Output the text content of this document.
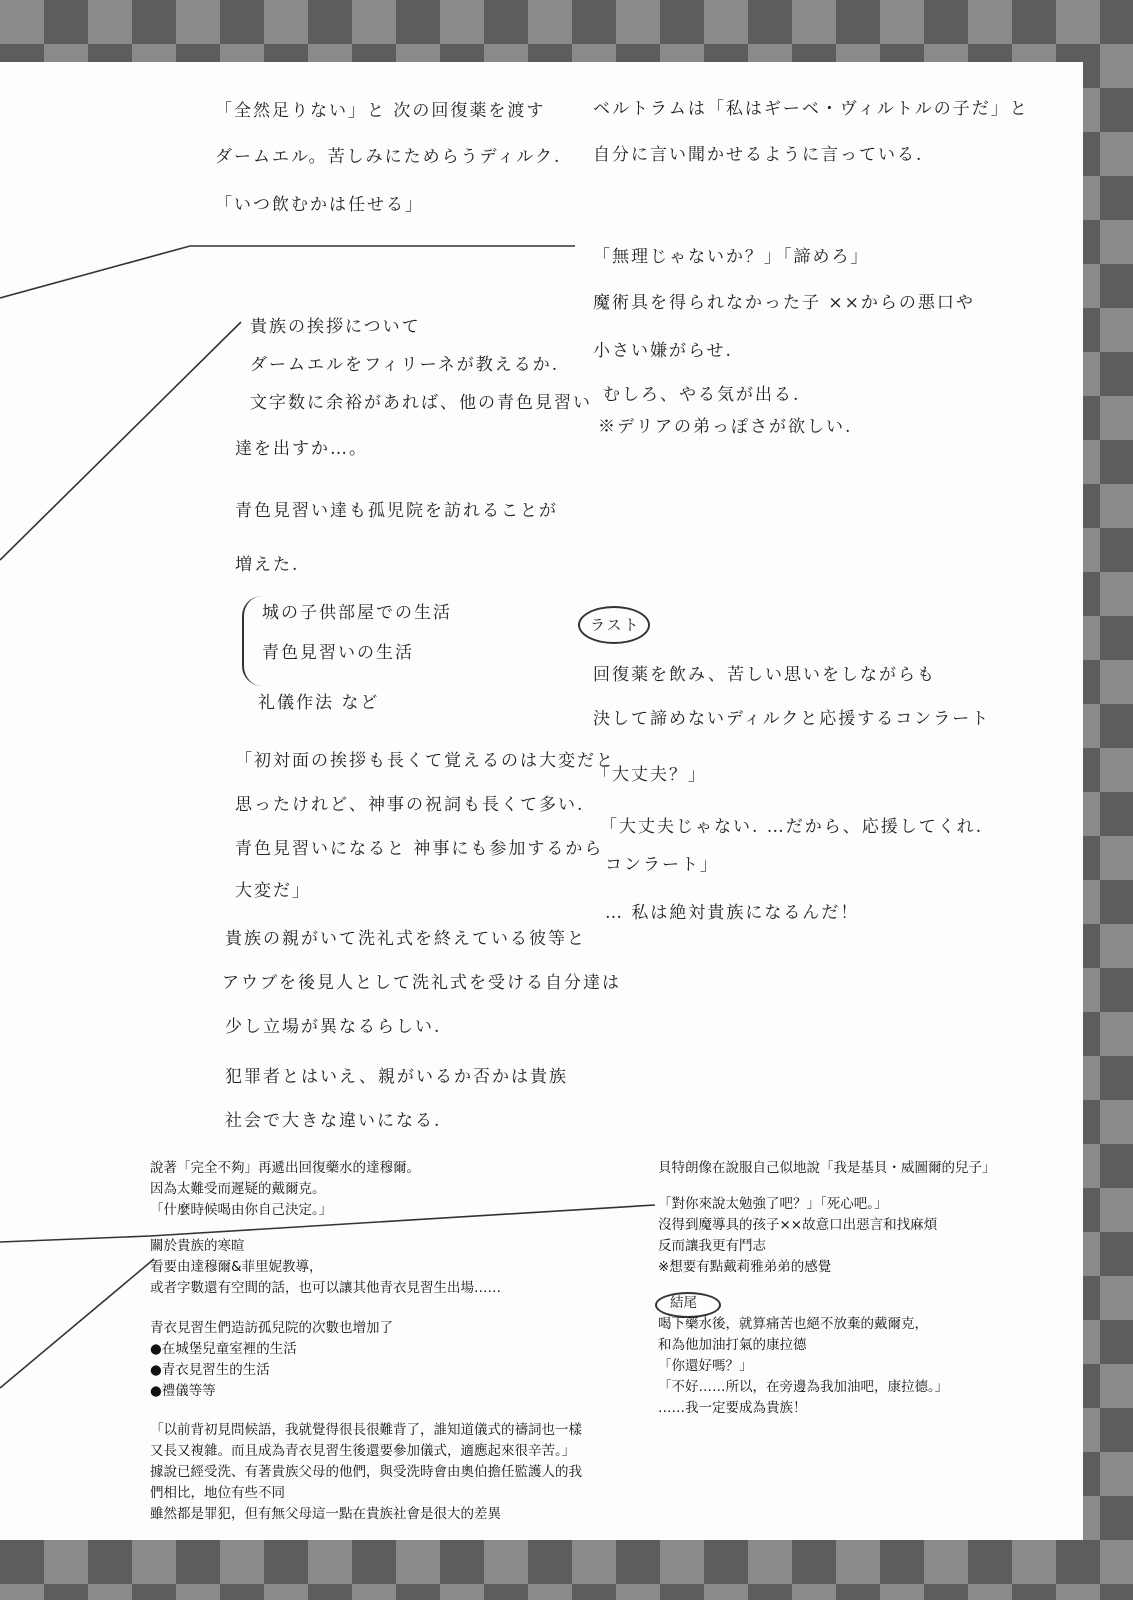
「全然足りない」と 次の回復薬を渡す
ダームエル。苦しみにためらうディルク.
「いつ飲むかは任せる」
貴族の挨拶について
ダームエルをフィリーネが教えるか.
文字数に余裕があれば、他の青色見習い
達を出すか…。
青色見習い達も孤児院を訪れることが
増えた.
城の子供部屋での生活
青色見習いの生活
礼儀作法 など
「初対面の挨拶も長くて覚えるのは大変だと
思ったけれど、神事の祝詞も長くて多い.
青色見習いになると 神事にも参加するから
大変だ」
貴族の親がいて洗礼式を終えている彼等と
アウブを後見人として洗礼式を受ける自分達は
少し立場が異なるらしい.
犯罪者とはいえ、親がいるか否かは貴族
社会で大きな違いになる.
ベルトラムは「私はギーベ・ヴィルトルの子だ」と
自分に言い聞かせるように言っている.
「無理じゃないか？」「諦めろ」
魔術具を得られなかった子 ××からの悪口や
小さい嫌がらせ.
むしろ、やる気が出る.
※デリアの弟っぽさが欲しい.
ラスト
回復薬を飲み、苦しい思いをしながらも
決して諦めないディルクと応援するコンラート
「大丈夫？」
「大丈夫じゃない. …だから、応援してくれ.
コンラート」
… 私は絶対貴族になるんだ！
說著「完全不夠」再遞出回復藥水的達穆爾。
因為太難受而遲疑的戴爾克。
「什麼時候喝由你自己決定。」
關於貴族的寒暄
看要由達穆爾&菲里妮教導，
或者字數還有空間的話，也可以讓其他青衣見習生出場……
青衣見習生們造訪孤兒院的次數也增加了
●在城堡兒童室裡的生活
●青衣見習生的生活
●禮儀等等
「以前背初見問候語，我就覺得很長很難背了，誰知道儀式的禱詞也一樣
又長又複雜。而且成為青衣見習生後還要參加儀式，適應起來很辛苦。」
據說已經受洗、有著貴族父母的他們，與受洗時會由奧伯擔任監護人的我
們相比，地位有些不同
雖然都是罪犯，但有無父母這一點在貴族社會是很大的差異
貝特朗像在說服自己似地說「我是基貝・威圖爾的兒子」
「對你來說太勉強了吧？」「死心吧。」
沒得到魔導具的孩子××故意口出惡言和找麻煩
反而讓我更有鬥志
※想要有點戴莉雅弟弟的感覺
結尾
喝下藥水後，就算痛苦也絕不放棄的戴爾克，
和為他加油打氣的康拉德
「你還好嗎？」
「不好……所以，在旁邊為我加油吧，康拉德。」
……我一定要成為貴族！
